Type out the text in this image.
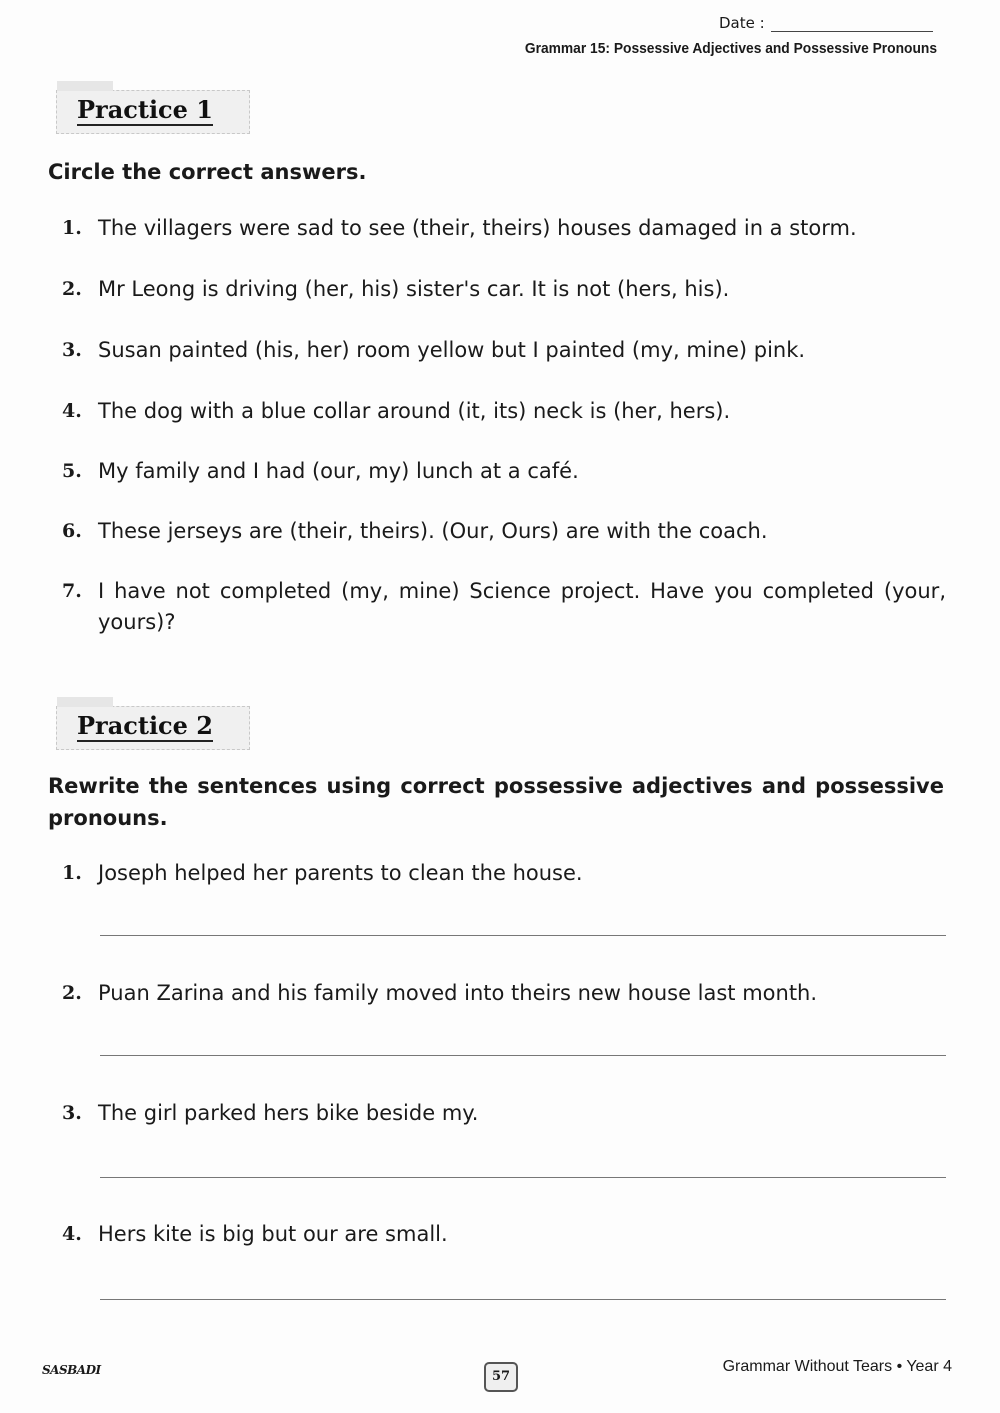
Date :
Grammar 15: Possessive Adjectives and Possessive Pronouns
Practice 1
Circle the correct answers.
1. The villagers were sad to see (their, theirs) houses damaged in a storm.
2. Mr Leong is driving (her, his) sister's car. It is not (hers, his).
3. Susan painted (his, her) room yellow but I painted (my, mine) pink.
4. The dog with a blue collar around (it, its) neck is (her, hers).
5. My family and I had (our, my) lunch at a café.
6. These jerseys are (their, theirs). (Our, Ours) are with the coach.
7. I have not completed (my, mine) Science project. Have you completed (your, yours)?
Practice 2
Rewrite the sentences using correct possessive adjectives and possessive pronouns.
1. Joseph helped her parents to clean the house.
2. Puan Zarina and his family moved into theirs new house last month.
3. The girl parked hers bike beside my.
4. Hers kite is big but our are small.
SASBADI	57
Grammar Without Tears • Year 4
